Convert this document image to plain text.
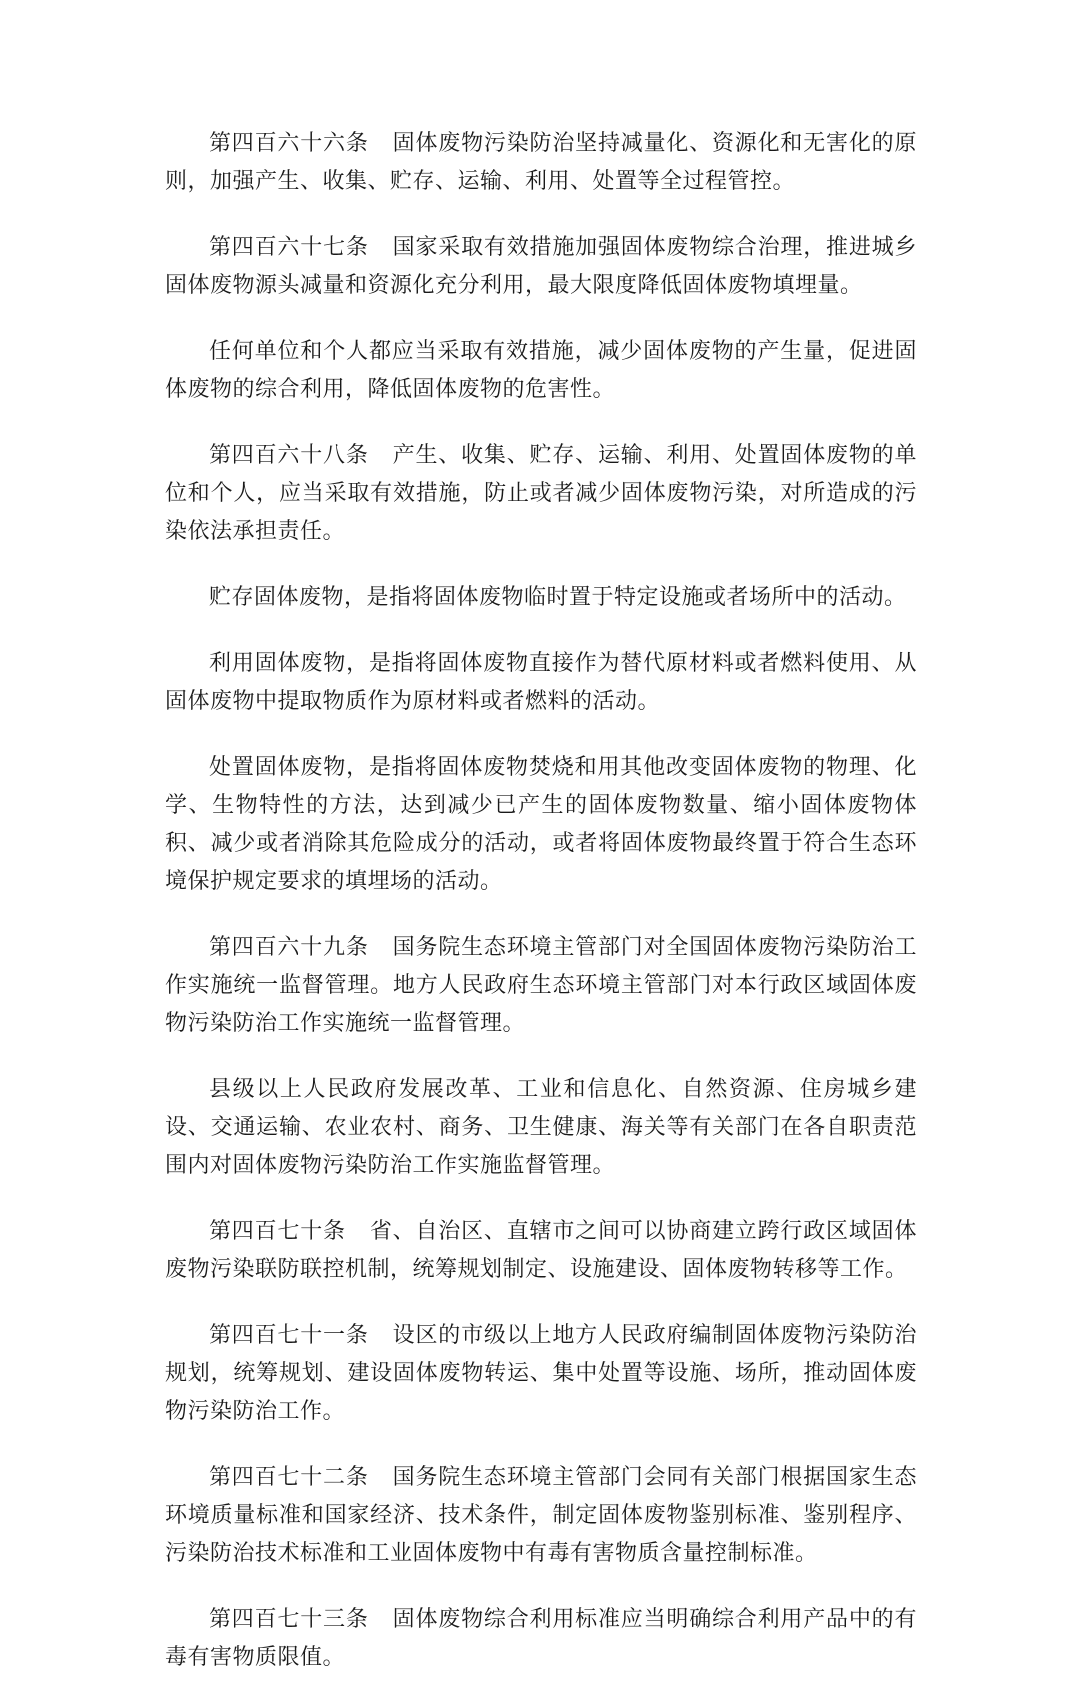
第四百六十六条 固体废物污染防治坚持减量化、资源化和无害化的原则，加强产生、收集、贮存、运输、利用、处置等全过程管控。

第四百六十七条 国家采取有效措施加强固体废物综合治理，推进城乡固体废物源头减量和资源化充分利用，最大限度降低固体废物填埋量。

任何单位和个人都应当采取有效措施，减少固体废物的产生量，促进固体废物的综合利用，降低固体废物的危害性。

第四百六十八条 产生、收集、贮存、运输、利用、处置固体废物的单位和个人，应当采取有效措施，防止或者减少固体废物污染，对所造成的污染依法承担责任。

贮存固体废物，是指将固体废物临时置于特定设施或者场所中的活动。

利用固体废物，是指将固体废物直接作为替代原材料或者燃料使用、从固体废物中提取物质作为原材料或者燃料的活动。

处置固体废物，是指将固体废物焚烧和用其他改变固体废物的物理、化学、生物特性的方法，达到减少已产生的固体废物数量、缩小固体废物体积、减少或者消除其危险成分的活动，或者将固体废物最终置于符合生态环境保护规定要求的填埋场的活动。

第四百六十九条 国务院生态环境主管部门对全国固体废物污染防治工作实施统一监督管理。地方人民政府生态环境主管部门对本行政区域固体废物污染防治工作实施统一监督管理。

县级以上人民政府发展改革、工业和信息化、自然资源、住房城乡建设、交通运输、农业农村、商务、卫生健康、海关等有关部门在各自职责范围内对固体废物污染防治工作实施监督管理。

第四百七十条 省、自治区、直辖市之间可以协商建立跨行政区域固体废物污染联防联控机制，统筹规划制定、设施建设、固体废物转移等工作。

第四百七十一条 设区的市级以上地方人民政府编制固体废物污染防治规划，统筹规划、建设固体废物转运、集中处置等设施、场所，推动固体废物污染防治工作。

第四百七十二条 国务院生态环境主管部门会同有关部门根据国家生态环境质量标准和国家经济、技术条件，制定固体废物鉴别标准、鉴别程序、污染防治技术标准和工业固体废物中有毒有害物质含量控制标准。

第四百七十三条 固体废物综合利用标准应当明确综合利用产品中的有毒有害物质限值。
